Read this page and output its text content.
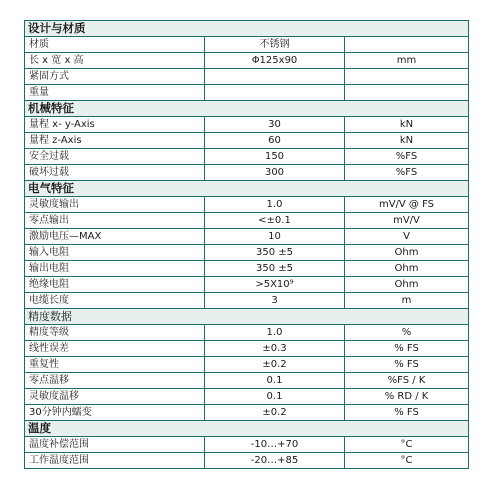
设计与材质		
材质	不锈钢	
长 x 宽 x 高	Φ125x90	mm
紧固方式		
重量		
机械特征		
量程 x- y-Axis	30	kN
量程 z-Axis	60	kN
安全过载	150	%FS
破坏过载	300	%FS
电气特征		
灵敏度输出	1.0	mV/V @ FS
零点输出	<±0.1	mV/V
激励电压—MAX	10	V
输入电阻	350 ±5	Ohm
输出电阻	350 ±5	Ohm
绝缘电阻	>5X10⁹	Ohm
电缆长度	3	m
精度数据		
精度等级	1.0	%
线性误差	±0.3	% FS
重复性	±0.2	% FS
零点温移	0.1	%FS / K
灵敏度温移	0.1	% RD / K
30分钟内蠕变	±0.2	% FS
温度		
温度补偿范围	-10…+70	°C
工作温度范围	-20…+85	°C
